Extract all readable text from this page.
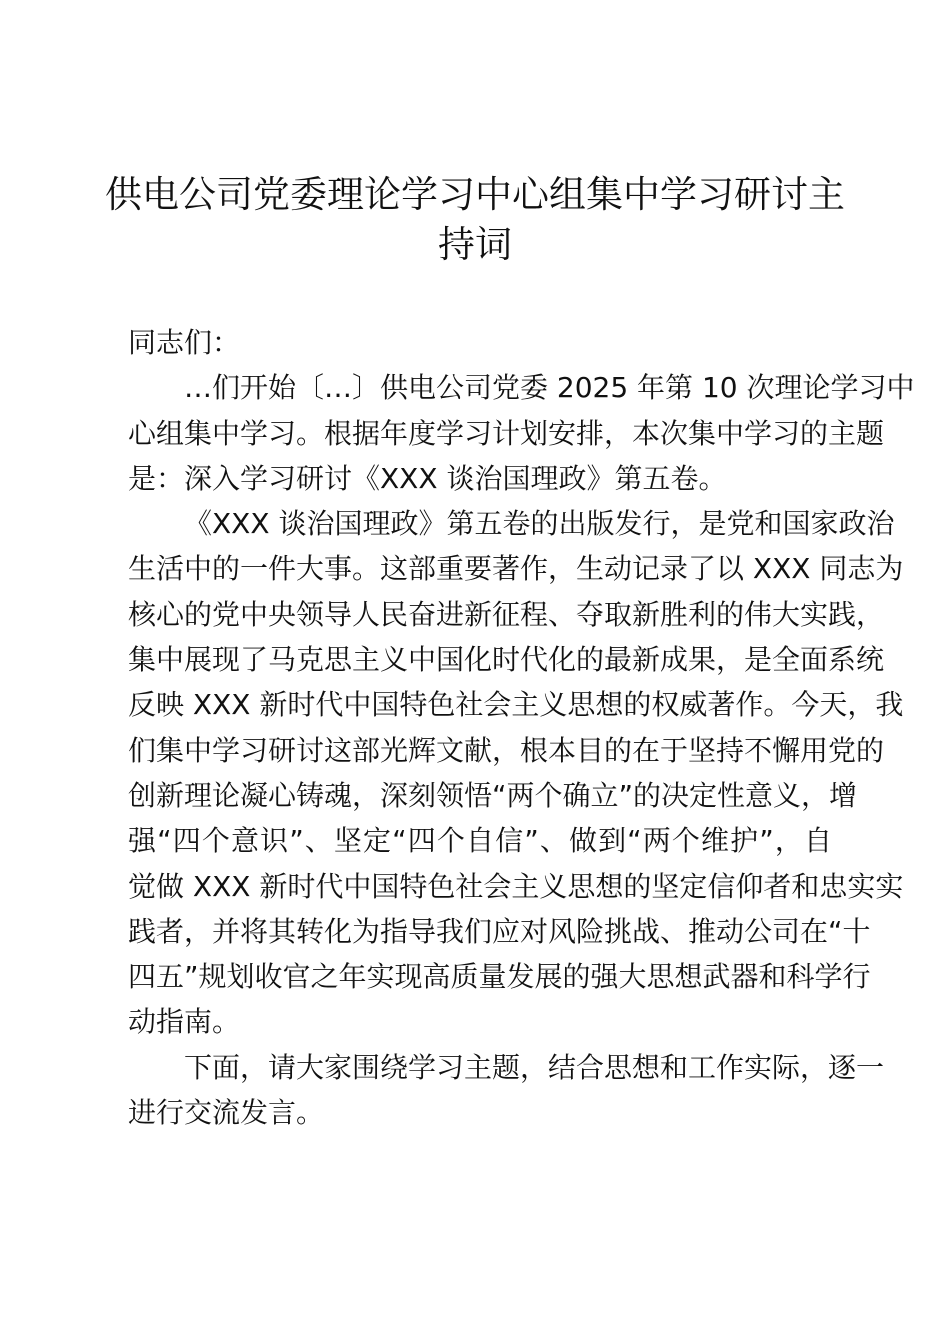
供电公司党委理论学习中心组集中学习研讨主
持词
同志们：
…们开始〔…〕供电公司党委 2025 年第 10 次理论学习中
心组集中学习。根据年度学习计划安排，本次集中学习的主题
是：深入学习研讨《XXX 谈治国理政》第五卷。
《XXX 谈治国理政》第五卷的出版发行，是党和国家政治
生活中的一件大事。这部重要著作，生动记录了以 XXX 同志为
核心的党中央领导人民奋进新征程、夺取新胜利的伟大实践，
集中展现了马克思主义中国化时代化的最新成果，是全面系统
反映 XXX 新时代中国特色社会主义思想的权威著作。今天，我
们集中学习研讨这部光辉文献，根本目的在于坚持不懈用党的
创新理论凝心铸魂，深刻领悟“两个确立”的决定性意义，增
强“四个意识”、坚定“四个自信”、做到“两个维护”，自
觉做 XXX 新时代中国特色社会主义思想的坚定信仰者和忠实实
践者，并将其转化为指导我们应对风险挑战、推动公司在“十
四五”规划收官之年实现高质量发展的强大思想武器和科学行
动指南。
下面，请大家围绕学习主题，结合思想和工作实际，逐一
进行交流发言。
